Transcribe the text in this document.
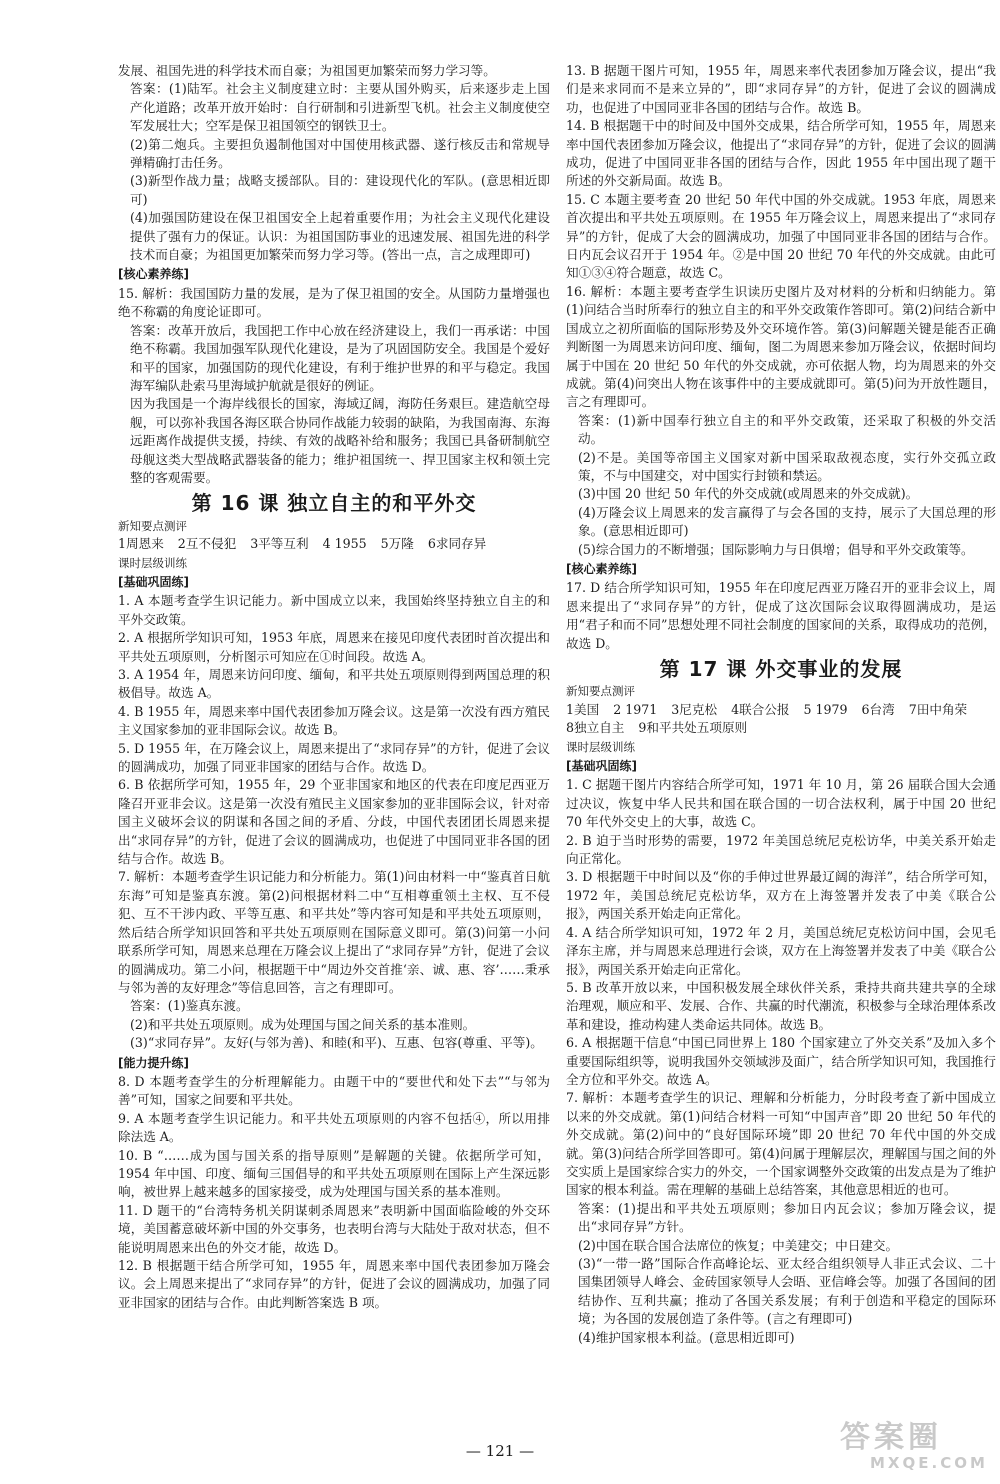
发展、祖国先进的科学技术而自豪；为祖国更加繁荣而努力学习等。

答案：(1)陆军。社会主义制度建立时：主要从国外购买，后来逐步走上国产化道路；改革开放开始时：自行研制和引进新型飞机。社会主义制度使空军发展壮大；空军是保卫祖国领空的钢铁卫士。

(2)第二炮兵。主要担负遏制他国对中国使用核武器、遂行核反击和常规导弹精确打击任务。

(3)新型作战力量；战略支援部队。目的：建设现代化的军队。(意思相近即可)

(4)加强国防建设在保卫祖国安全上起着重要作用；为社会主义现代化建设提供了强有力的保证。认识：为祖国国防事业的迅速发展、祖国先进的科学技术而自豪；为祖国更加繁荣而努力学习等。(答出一点，言之成理即可)

[核心素养练]

15. 解析：我国国防力量的发展，是为了保卫祖国的安全。从国防力量增强也绝不称霸的角度论证即可。

答案：改革开放后，我国把工作中心放在经济建设上，我们一再承诺：中国绝不称霸。我国加强军队现代化建设，是为了巩固国防安全。我国是个爱好和平的国家，加强国防的现代化建设，有利于维护世界的和平与稳定。我国海军编队赴索马里海域护航就是很好的例证。

因为我国是一个海岸线很长的国家，海域辽阔，海防任务艰巨。建造航空母舰，可以弥补我国各海区联合协同作战能力较弱的缺陷，为我国南海、东海远距离作战提供支援，持续、有效的战略补给和服务；我国已具备研制航空母舰这类大型战略武器装备的能力；维护祖国统一、捍卫国家主权和领土完整的客观需要。

第 16 课 独立自主的和平外交

新知要点测评

1周恩来 2互不侵犯 3平等互利 4 1955 5万隆 6求同存异

课时层级训练

[基础巩固练]

1. A 本题考查学生识记能力。新中国成立以来，我国始终坚持独立自主的和平外交政策。

2. A 根据所学知识可知，1953 年底，周恩来在接见印度代表团时首次提出和平共处五项原则，分析图示可知应在①时间段。故选 A。

3. A 1954 年，周恩来访问印度、缅甸，和平共处五项原则得到两国总理的积极倡导。故选 A。

4. B 1955 年，周恩来率中国代表团参加万隆会议。这是第一次没有西方殖民主义国家参加的亚非国际会议。故选 B。

5. D 1955 年，在万隆会议上，周恩来提出了“求同存异”的方针，促进了会议的圆满成功，加强了同亚非国家的团结与合作。故选 D。

6. B 依据所学可知，1955 年，29 个亚非国家和地区的代表在印度尼西亚万隆召开亚非会议。这是第一次没有殖民主义国家参加的亚非国际会议，针对帝国主义破坏会议的阴谋和各国之间的矛盾、分歧，中国代表团团长周恩来提出“求同存异”的方针，促进了会议的圆满成功，也促进了中国同亚非各国的团结与合作。故选 B。

7. 解析：本题考查学生识记能力和分析能力。第(1)问由材料一中“鉴真首日航东海”可知是鉴真东渡。第(2)问根据材料二中“互相尊重领土主权、互不侵犯、互不干涉内政、平等互惠、和平共处”等内容可知是和平共处五项原则，然后结合所学知识回答和平共处五项原则在国际意义即可。第(3)问第一小问联系所学可知，周恩来总理在万隆会议上提出了“求同存异”方针，促进了会议的圆满成功。第二小问，根据题干中“周边外交首推‘亲、诚、惠、容’……秉承与邻为善的友好理念”等信息回答，言之有理即可。

答案：(1)鉴真东渡。

(2)和平共处五项原则。成为处理国与国之间关系的基本准则。

(3)“求同存异”。友好(与邻为善)、和睦(和平)、互惠、包容(尊重、平等)。

[能力提升练]

8. D 本题考查学生的分析理解能力。由题干中的“要世代和处下去”“与邻为善”可知，国家之间要和平共处。

9. A 本题考查学生识记能力。和平共处五项原则的内容不包括④，所以用排除法选 A。

10. B “……成为国与国关系的指导原则”是解题的关键。依据所学可知，1954 年中国、印度、缅甸三国倡导的和平共处五项原则在国际上产生深远影响，被世界上越来越多的国家接受，成为处理国与国关系的基本准则。

11. D 题干的“台湾特务机关阴谋刺杀周恩来”表明新中国面临险峻的外交环境，美国蓄意破坏新中国的外交事务，也表明台湾与大陆处于敌对状态，但不能说明周恩来出色的外交才能，故选 D。

12. B 根据题干结合所学可知，1955 年，周恩来率中国代表团参加万隆会议。会上周恩来提出了“求同存异”的方针，促进了会议的圆满成功，加强了同亚非国家的团结与合作。由此判断答案选 B 项。

13. B 据题干图片可知，1955 年，周恩来率代表团参加万隆会议，提出“我们是来求同而不是来立异的”，即“求同存异”的方针，促进了会议的圆满成功，也促进了中国同亚非各国的团结与合作。故选 B。

14. B 根据题干中的时间及中国外交成果，结合所学可知，1955 年，周恩来率中国代表团参加万隆会议，他提出了“求同存异”的方针，促进了会议的圆满成功，促进了中国同亚非各国的团结与合作，因此 1955 年中国出现了题干所述的外交新局面。故选 B。

15. C 本题主要考查 20 世纪 50 年代中国的外交成就。1953 年底，周恩来首次提出和平共处五项原则。在 1955 年万隆会议上，周恩来提出了“求同存异”的方针，促成了大会的圆满成功，加强了中国同亚非各国的团结与合作。日内瓦会议召开于 1954 年。②是中国 20 世纪 70 年代的外交成就。由此可知①③④符合题意，故选 C。

16. 解析：本题主要考查学生识读历史图片及对材料的分析和归纳能力。第(1)问结合当时所奉行的独立自主的和平外交政策作答即可。第(2)问结合新中国成立之初所面临的国际形势及外交环境作答。第(3)问解题关键是能否正确判断图一为周恩来访问印度、缅甸，图二为周恩来参加万隆会议，依据时间均属于中国在 20 世纪 50 年代的外交成就，亦可依据人物，均为周恩来的外交成就。第(4)问突出人物在该事件中的主要成就即可。第(5)问为开放性题目，言之有理即可。

答案：(1)新中国奉行独立自主的和平外交政策，还采取了积极的外交活动。

(2)不是。美国等帝国主义国家对新中国采取敌视态度，实行外交孤立政策，不与中国建交，对中国实行封锁和禁运。

(3)中国 20 世纪 50 年代的外交成就(或周恩来的外交成就)。

(4)万隆会议上周恩来的发言赢得了与会各国的支持，展示了大国总理的形象。(意思相近即可)

(5)综合国力的不断增强；国际影响力与日俱增；倡导和平外交政策等。

[核心素养练]

17. D 结合所学知识可知，1955 年在印度尼西亚万隆召开的亚非会议上，周恩来提出了“求同存异”的方针，促成了这次国际会议取得圆满成功，是运用“君子和而不同”思想处理不同社会制度的国家间的关系，取得成功的范例，故选 D。

第 17 课 外交事业的发展

新知要点测评

1美国 2 1971 3尼克松 4联合公报 5 1979 6台湾 7田中角荣
8独立自主 9和平共处五项原则

课时层级训练

[基础巩固练]

1. C 据题干图片内容结合所学可知，1971 年 10 月，第 26 届联合国大会通过决议，恢复中华人民共和国在联合国的一切合法权利，属于中国 20 世纪 70 年代外交史上的大事，故选 C。

2. B 迫于当时形势的需要，1972 年美国总统尼克松访华，中美关系开始走向正常化。

3. D 根据题干中时间以及“你的手伸过世界最辽阔的海洋”，结合所学可知，1972 年，美国总统尼克松访华，双方在上海签署并发表了中美《联合公报》，两国关系开始走向正常化。

4. A 结合所学知识可知，1972 年 2 月，美国总统尼克松访问中国，会见毛泽东主席，并与周恩来总理进行会谈，双方在上海签署并发表了中美《联合公报》，两国关系开始走向正常化。

5. B 改革开放以来，中国积极发展全球伙伴关系，秉持共商共建共享的全球治理观，顺应和平、发展、合作、共赢的时代潮流，积极参与全球治理体系改革和建设，推动构建人类命运共同体。故选 B。

6. A 根据题干信息“中国已同世界上 180 个国家建立了外交关系”及加入多个重要国际组织等，说明我国外交领域涉及面广，结合所学知识可知，我国推行全方位和平外交。故选 A。

7. 解析：本题考查学生的识记、理解和分析能力，分时段考查了新中国成立以来的外交成就。第(1)问结合材料一可知“中国声音”即 20 世纪 50 年代的外交成就。第(2)问中的“良好国际环境”即 20 世纪 70 年代中国的外交成就。第(3)问结合所学回答即可。第(4)问属于理解层次，理解国与国之间的外交实质上是国家综合实力的外交，一个国家调整外交政策的出发点是为了维护国家的根本利益。需在理解的基础上总结答案，其他意思相近的也可。

答案：(1)提出和平共处五项原则；参加日内瓦会议；参加万隆会议，提出“求同存异”方针。

(2)中国在联合国合法席位的恢复；中美建交；中日建交。

(3)“一带一路”国际合作高峰论坛、亚太经合组织领导人非正式会议、二十国集团领导人峰会、金砖国家领导人会晤、亚信峰会等。加强了各国间的团结协作、互利共赢；推动了各国关系发展；有利于创造和平稳定的国际环境；为各国的发展创造了条件等。(言之有理即可)

(4)维护国家根本利益。(意思相近即可)

— 121 —	答案圈
MXQE.COM
